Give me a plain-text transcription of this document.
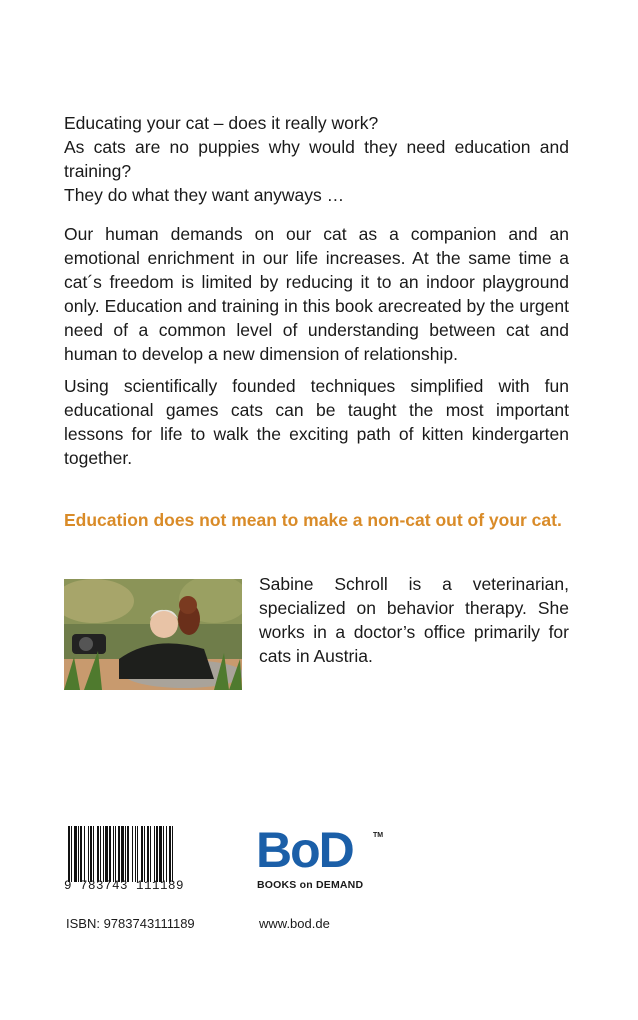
Educating your cat – does it really work?

As cats are no puppies why would they need education and training?

They do what they want anyways …

Our human demands on our cat as a companion and an emotional enrichment in our life increases. At the same time a cat´s freedom is limited by reducing it to an indoor playground only. Education and training in this book arecreated by the urgent need of a common level of understanding between cat and human to develop a new dimension of relationship.

Using scientifically founded techniques simplified with fun educational games cats can be taught the most important lessons for life to walk the exciting path of kitten kindergarten together.

Education does not mean to make a non-cat out of your cat.

Sabine Schroll is a veterinarian, specialized on behavior therapy. She works in a doctor’s office primarily for cats in Austria.

9 783743 111189
ISBN: 9783743111189
BoD	TM
BOOKS on DEMAND
www.bod.de
